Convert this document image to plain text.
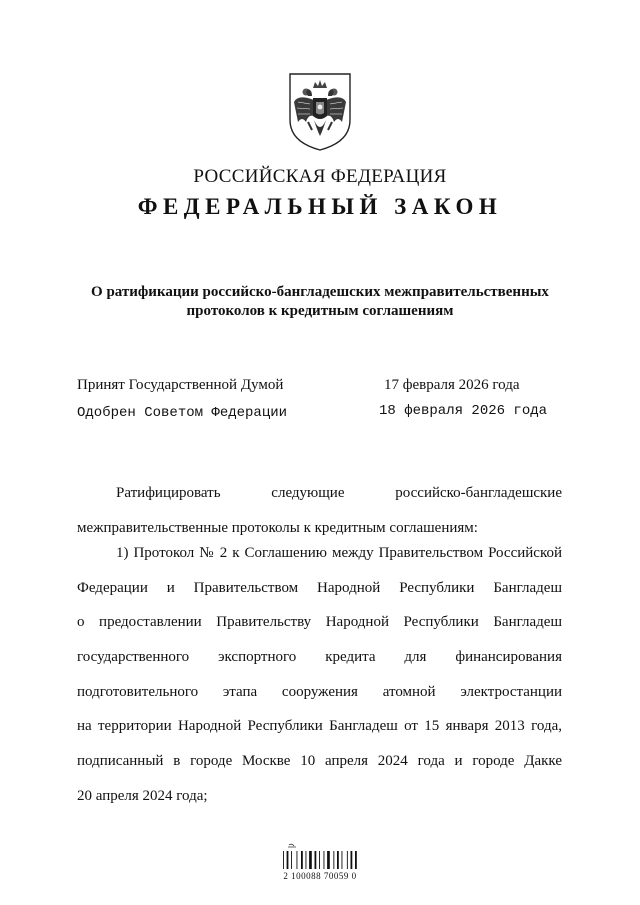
РОССИЙСКАЯ ФЕДЕРАЦИЯ
ФЕДЕРАЛЬНЫЙ ЗАКОН
О ратификации российско-бангладешских межправительственных
протоколов к кредитным соглашениям
Принят Государственной Думой	17 февраля 2026 года
Одобрен Советом Федерации	18 февраля 2026 года
Ратифицировать следующие российско-бангладешские
межправительственные протоколы к кредитным соглашениям:
1) Протокол № 2 к Соглашению между Правительством Российской
Федерации и Правительством Народной Республики Бангладеш
о предоставлении Правительству Народной Республики Бангладеш
государственного экспортного кредита для финансирования
подготовительного этапа сооружения атомной электростанции
на территории Народной Республики Бангладеш от 15 января 2013 года,
подписанный в городе Москве 10 апреля 2024 года и городе Дакке
20 апреля 2024 года;
2 100088 70059 0
